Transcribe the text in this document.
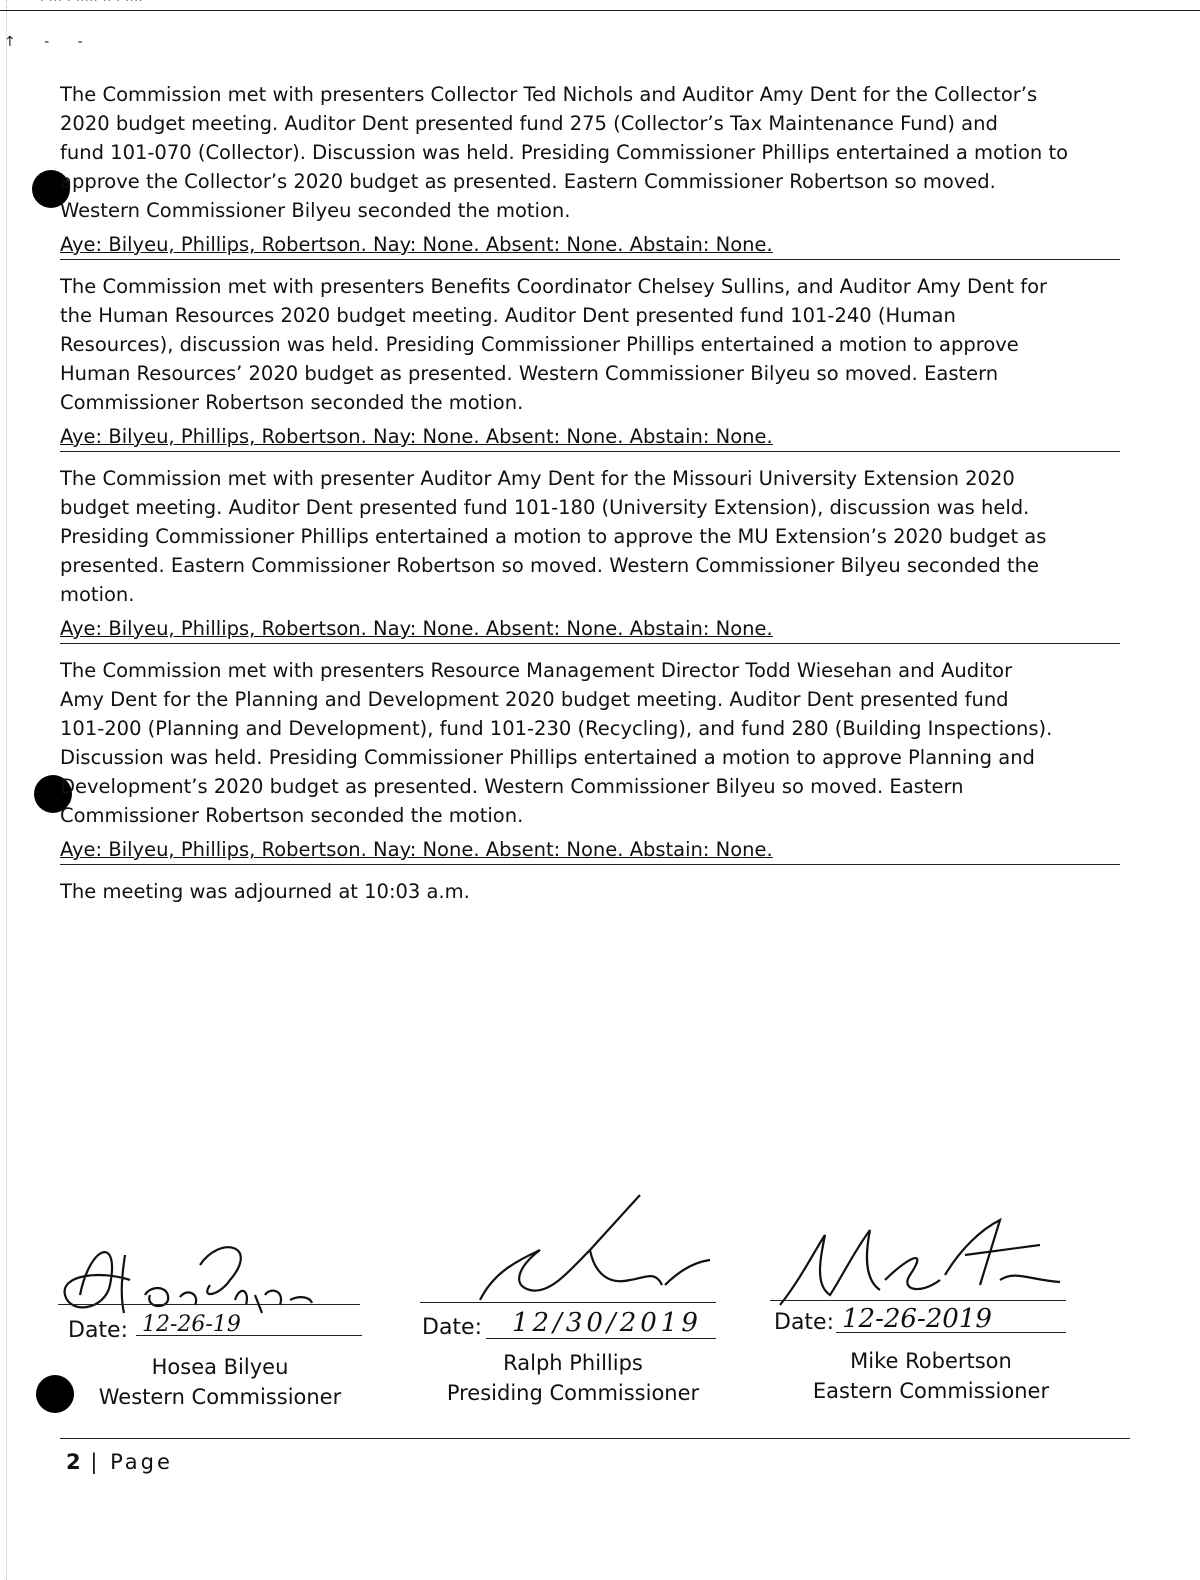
· ··· · ····· ·· · ····
↑ - -
The Commission met with presenters Collector Ted Nichols and Auditor Amy Dent for the Collector’s
2020 budget meeting. Auditor Dent presented fund 275 (Collector’s Tax Maintenance Fund) and
fund 101-070 (Collector). Discussion was held. Presiding Commissioner Phillips entertained a motion to
approve the Collector’s 2020 budget as presented. Eastern Commissioner Robertson so moved.
Western Commissioner Bilyeu seconded the motion.
Aye: Bilyeu, Phillips, Robertson. Nay: None. Absent: None. Abstain: None.
The Commission met with presenters Benefits Coordinator Chelsey Sullins, and Auditor Amy Dent for
the Human Resources 2020 budget meeting. Auditor Dent presented fund 101-240 (Human
Resources), discussion was held. Presiding Commissioner Phillips entertained a motion to approve
Human Resources’ 2020 budget as presented. Western Commissioner Bilyeu so moved. Eastern
Commissioner Robertson seconded the motion.
Aye: Bilyeu, Phillips, Robertson. Nay: None. Absent: None. Abstain: None.
The Commission met with presenter Auditor Amy Dent for the Missouri University Extension 2020
budget meeting. Auditor Dent presented fund 101-180 (University Extension), discussion was held.
Presiding Commissioner Phillips entertained a motion to approve the MU Extension’s 2020 budget as
presented. Eastern Commissioner Robertson so moved. Western Commissioner Bilyeu seconded the
motion.
Aye: Bilyeu, Phillips, Robertson. Nay: None. Absent: None. Abstain: None.
The Commission met with presenters Resource Management Director Todd Wiesehan and Auditor
Amy Dent for the Planning and Development 2020 budget meeting. Auditor Dent presented fund
101-200 (Planning and Development), fund 101-230 (Recycling), and fund 280 (Building Inspections).
Discussion was held. Presiding Commissioner Phillips entertained a motion to approve Planning and
Development’s 2020 budget as presented. Western Commissioner Bilyeu so moved. Eastern
Commissioner Robertson seconded the motion.
Aye: Bilyeu, Phillips, Robertson. Nay: None. Absent: None. Abstain: None.
The meeting was adjourned at 10:03 a.m.
Date: 12-26-19
Hosea Bilyeu
Western Commissioner
Date: 12/30/2019
Ralph Phillips
Presiding Commissioner
Date: 12-26-2019
Mike Robertson
Eastern Commissioner
2 | Page
